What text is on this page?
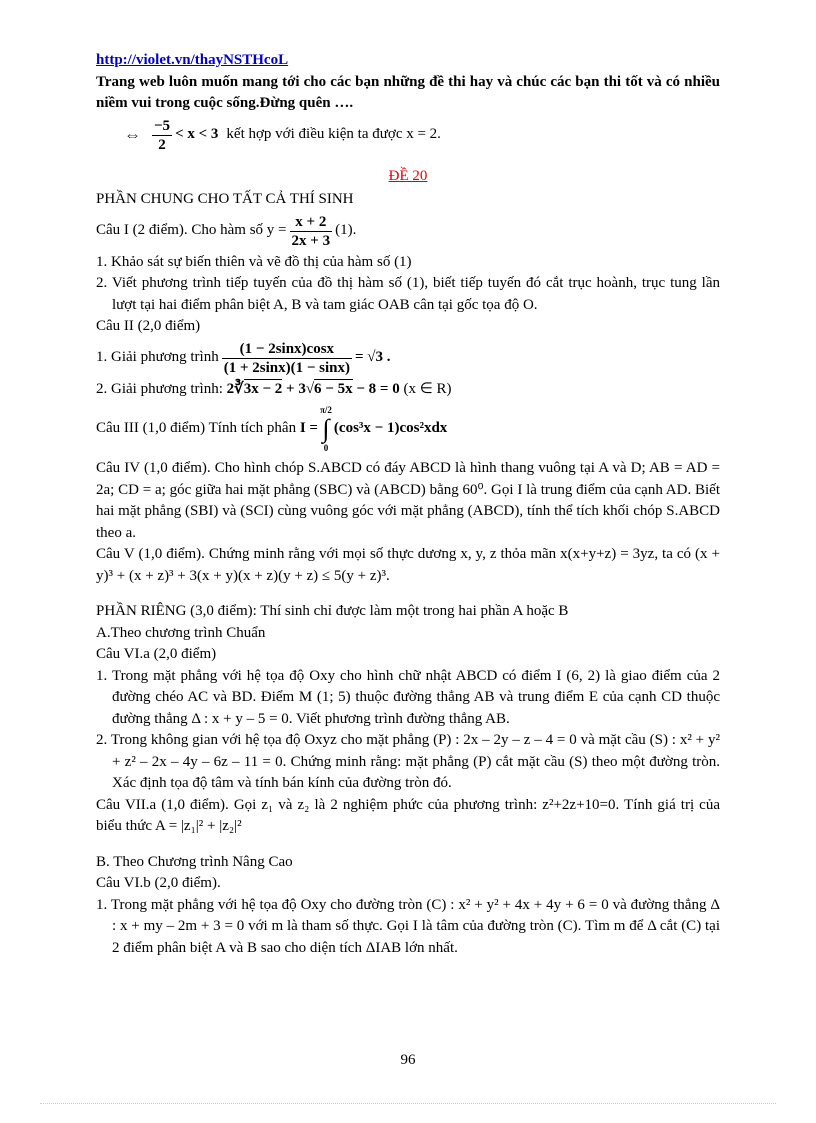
http://violet.vn/thayNSTHcoL

Trang web luôn muốn mang tới cho các bạn những đề thi hay và chúc các bạn thi tốt và có nhiều niềm vui trong cuộc sống.Đừng quên ….

⇔ $\frac{-5}{2} < x < 3$ kết hợp với điều kiện ta được x = 2.
ĐỀ 20

PHẦN CHUNG CHO TẤT CẢ THÍ SINH

Câu I (2 điểm). Cho hàm số $y = \frac{x + 2}{2x + 3} (1)$.

1. Khảo sát sự biến thiên và vẽ đồ thị của hàm số (1)

2. Viết phương trình tiếp tuyến của đồ thị hàm số (1), biết tiếp tuyến đó cắt trục hoành, trục tung lần lượt tại hai điểm phân biệt A, B và tam giác OAB cân tại gốc tọa độ O.

Câu II (2,0 điểm)

1. Giải phương trình $\frac{(1 - 2\sin x)\cos x}{(1 + 2\sin x)(1 - \sin x)} = √3$ .
2. Giải phương trình:
2∛3x − 2 + 3√6 − 5x − 8 = 0
(x ∈ R)
Câu III (1,0 điểm) Tính tích phân
I =
π/2
∫
0
(cos³x − 1)cos²xdx

Câu IV (1,0 điểm). Cho hình chóp S.ABCD có đáy ABCD là hình thang vuông tại A và D; AB = AD = 2a; CD = a; góc giữa hai mặt phẳng (SBC) và (ABCD) bằng 60⁰. Gọi I là trung điểm của cạnh AD. Biết hai mặt phẳng (SBI) và (SCI) cùng vuông góc với mặt phẳng (ABCD), tính thể tích khối chóp S.ABCD theo a.

Câu V (1,0 điểm). Chứng minh rằng với mọi số thực dương x, y, z thỏa mãn x(x+y+z) = 3yz, ta có (x + y)³ + (x + z)³ + 3(x + y)(x + z)(y + z) ≤ 5(y + z)³.

PHẦN RIÊNG (3,0 điểm): Thí sinh chỉ được làm một trong hai phần A hoặc B

A.Theo chương trình Chuẩn

Câu VI.a (2,0 điểm)

1. Trong mặt phẳng với hệ tọa độ Oxy cho hình chữ nhật ABCD có điểm I (6, 2) là giao điểm của 2 đường chéo AC và BD. Điểm M (1; 5) thuộc đường thẳng AB và trung điểm E của cạnh CD thuộc đường thẳng Δ : x + y – 5 = 0. Viết phương trình đường thẳng AB.

2. Trong không gian với hệ tọa độ Oxyz cho mặt phẳng (P) : 2x – 2y – z – 4 = 0 và mặt cầu (S) : x² + y² + z² – 2x – 4y – 6z – 11 = 0. Chứng minh rằng: mặt phẳng (P) cắt mặt cầu (S) theo một đường tròn. Xác định tọa độ tâm và tính bán kính của đường tròn đó.

Câu VII.a (1,0 điểm). Gọi z₁ và z₂ là 2 nghiệm phức của phương trình: z²+2z+10=0. Tính giá trị của biểu thức A = |z₁|² + |z₂|²

B. Theo Chương trình Nâng Cao

Câu VI.b (2,0 điểm).

1. Trong mặt phẳng với hệ tọa độ Oxy cho đường tròn (C) : x² + y² + 4x + 4y + 6 = 0 và đường thẳng Δ : x + my – 2m + 3 = 0 với m là tham số thực. Gọi I là tâm của đường tròn (C). Tìm m để Δ cắt (C) tại 2 điểm phân biệt A và B sao cho diện tích ΔIAB lớn nhất.

96
